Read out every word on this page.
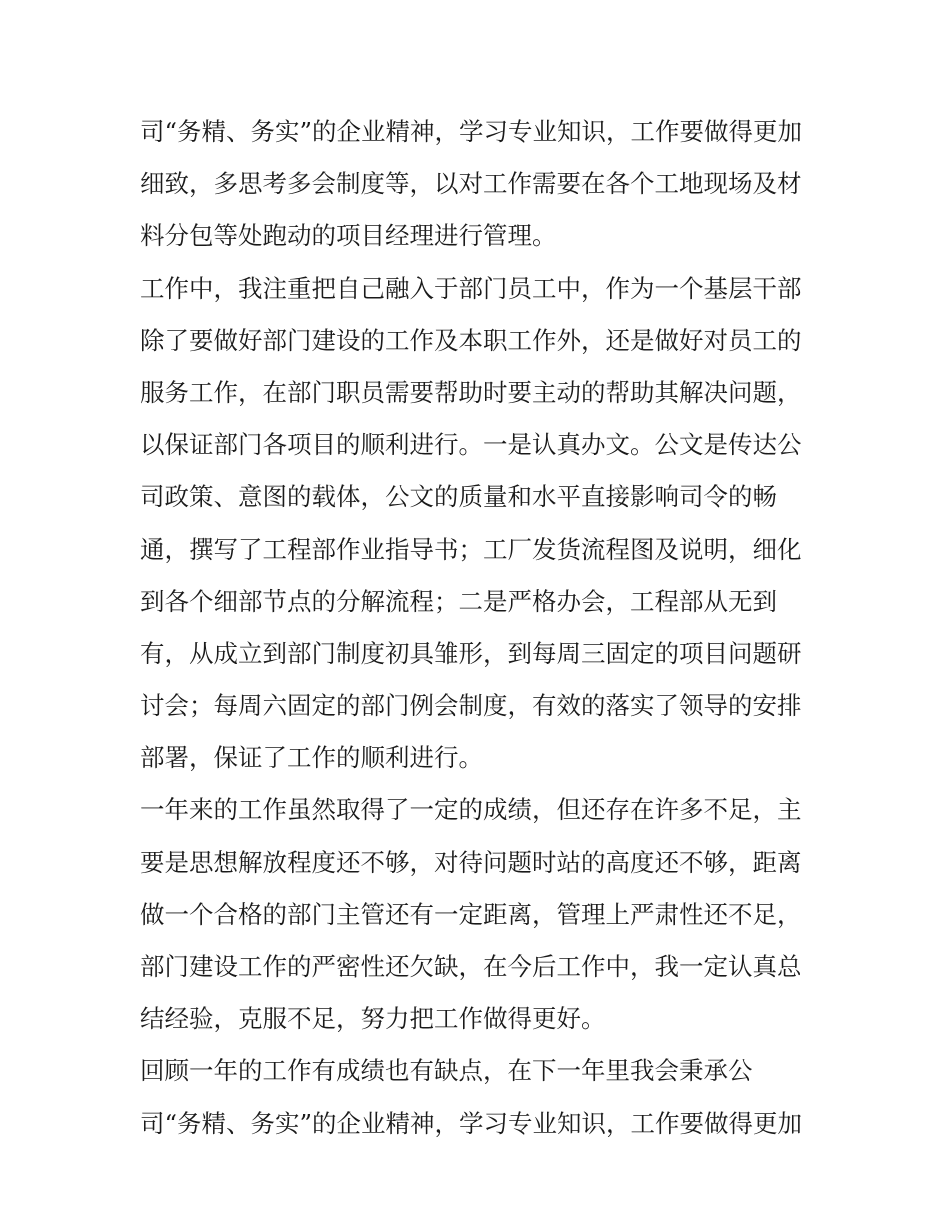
司“务精、务实”的企业精神，学习专业知识，工作要做得更加
细致，多思考多会制度等，以对工作需要在各个工地现场及材
料分包等处跑动的项目经理进行管理。
工作中，我注重把自己融入于部门员工中，作为一个基层干部
除了要做好部门建设的工作及本职工作外，还是做好对员工的
服务工作，在部门职员需要帮助时要主动的帮助其解决问题，
以保证部门各项目的顺利进行。一是认真办文。公文是传达公
司政策、意图的载体，公文的质量和水平直接影响司令的畅
通，撰写了工程部作业指导书；工厂发货流程图及说明，细化
到各个细部节点的分解流程；二是严格办会，工程部从无到
有，从成立到部门制度初具雏形，到每周三固定的项目问题研
讨会；每周六固定的部门例会制度，有效的落实了领导的安排
部署，保证了工作的顺利进行。
一年来的工作虽然取得了一定的成绩，但还存在许多不足，主
要是思想解放程度还不够，对待问题时站的高度还不够，距离
做一个合格的部门主管还有一定距离，管理上严肃性还不足，
部门建设工作的严密性还欠缺，在今后工作中，我一定认真总
结经验，克服不足，努力把工作做得更好。
回顾一年的工作有成绩也有缺点，在下一年里我会秉承公
司“务精、务实”的企业精神，学习专业知识，工作要做得更加
